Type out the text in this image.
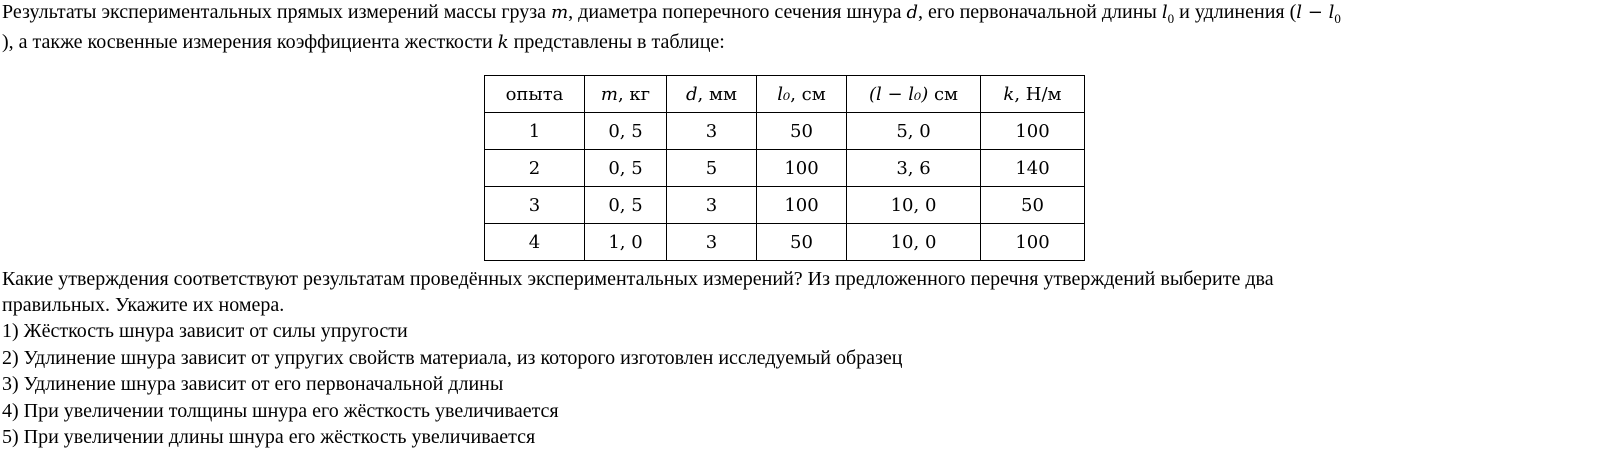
Результаты экспериментальных прямых измерений массы груза m, диаметра поперечного сечения шнура d, его первоначальной длины $l_0$ и удлинения ($l - l_0$
), а также косвенные измерения коэффициента жесткости k представлены в таблице:
опыта	m, кг	d, мм	l₀, см	(l − l₀) см	k, Н/м
1	0, 5	3	50	5, 0	100
2	0, 5	5	100	3, 6	140
3	0, 5	3	100	10, 0	50
4	1, 0	3	50	10, 0	100
Какие утверждения соответствуют результатам проведённых экспериментальных измерений? Из предложенного перечня утверждений выберите два
правильных. Укажите их номера.
1) Жёсткость шнура зависит от силы упругости
2) Удлинение шнура зависит от упругих свойств материала, из которого изготовлен исследуемый образец
3) Удлинение шнура зависит от его первоначальной длины
4) При увеличении толщины шнура его жёсткость увеличивается
5) При увеличении длины шнура его жёсткость увеличивается
